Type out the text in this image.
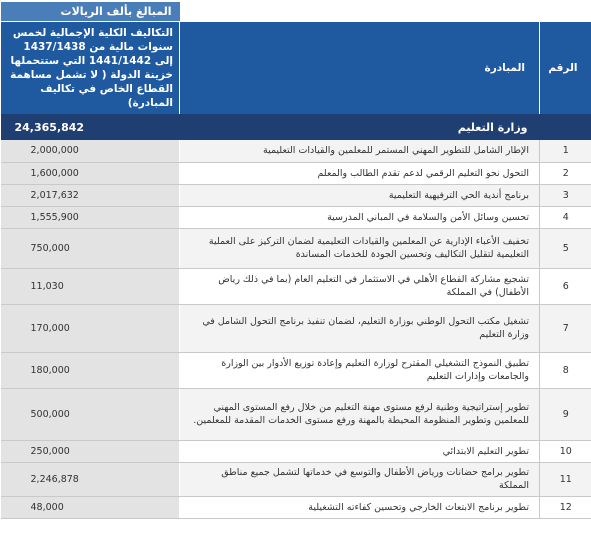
المبالغ بألف الريالات		

التكاليف الكلية الإجمالية لخمس سنوات مالية من 1437/1438 إلى 1441/1442 التي ستتحملها خزينة الدولة ( لا تشمل مساهمة القطاع الخاص في تكاليف المبادرة)	المبادرة	الرقم
24,365,842	وزارة التعليم	
2,000,000	الإطار الشامل للتطوير المهني المستمر للمعلمين والقيادات التعليمية	1
1,600,000	التحول نحو التعليم الرقمي لدعم تقدم الطالب والمعلم	2
2,017,632	برنامج أندية الحي الترفيهية التعليمية	3
1,555,900	تحسين وسائل الأمن والسلامة في المباني المدرسية	4
750,000	تخفيف الأعباء الإدارية عن المعلمين والقيادات التعليمية لضمان التركيز على العملية التعليمية لتقليل التكاليف وتحسين الجودة للخدمات المساندة	5
11,030	تشجيع مشاركة القطاع الأهلي في الاستثمار في التعليم العام (بما في ذلك رياض الأطفال) في المملكة	6
170,000	تشغيل مكتب التحول الوطني بوزارة التعليم، لضمان تنفيذ برنامج التحول الشامل في وزارة التعليم	7
180,000	تطبيق النموذج التشغيلي المقترح لوزارة التعليم وإعادة توزيع الأدوار بين الوزارة والجامعات وإدارات التعليم	8
500,000	تطوير إستراتيجية وطنية لرفع مستوى مهنة التعليم من خلال رفع المستوى المهني للمعلمين وتطوير المنظومة المحيطة بالمهنة ورفع مستوى الخدمات المقدمة للمعلمين.	9
250,000	تطوير التعليم الابتدائي	10
2,246,878	تطوير برامج حضانات ورياض الأطفال والتوسع في خدماتها لتشمل جميع مناطق المملكة	11
48,000	تطوير برنامج الابتعاث الخارجي وتحسين كفاءته التشغيلية	12
